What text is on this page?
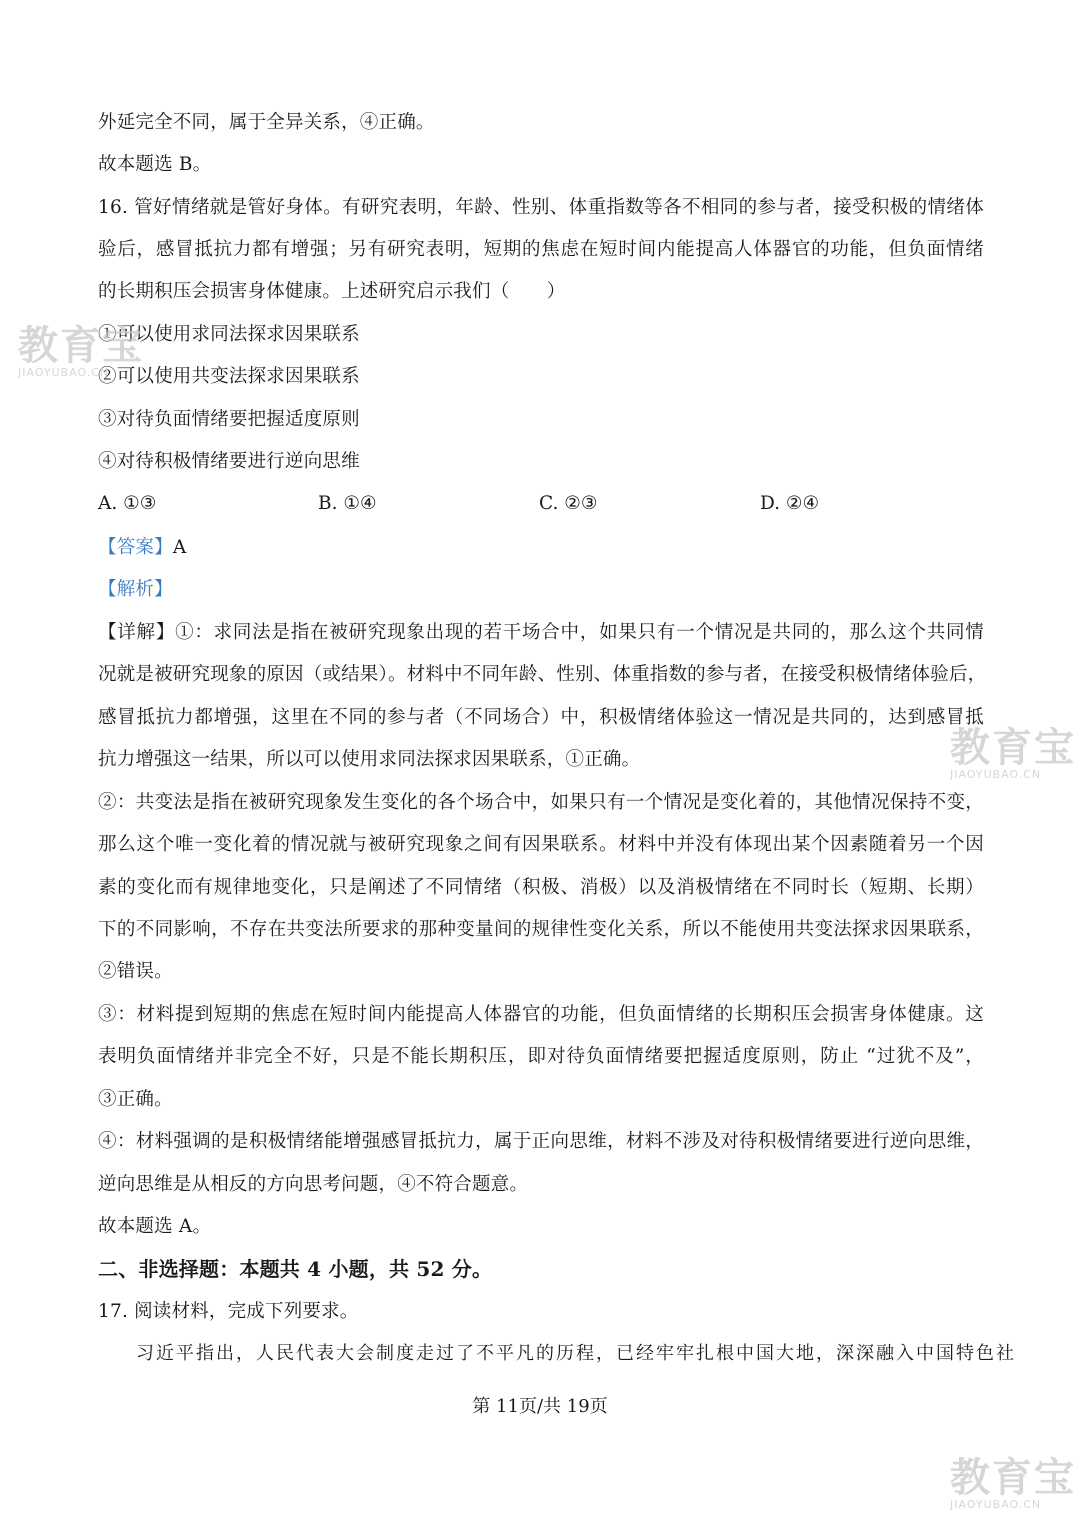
外延完全不同，属于全异关系，④正确。
故本题选 B。
16. 管好情绪就是管好身体。有研究表明，年龄、性别、体重指数等各不相同的参与者，接受积极的情绪体
验后，感冒抵抗力都有增强；另有研究表明，短期的焦虑在短时间内能提高人体器官的功能，但负面情绪
的长期积压会损害身体健康。上述研究启示我们（　　）
①可以使用求同法探求因果联系
②可以使用共变法探求因果联系
③对待负面情绪要把握适度原则
④对待积极情绪要进行逆向思维
A. ①③	B. ①④	C. ②③	D. ②④
【答案】A
【解析】
【详解】①：求同法是指在被研究现象出现的若干场合中，如果只有一个情况是共同的，那么这个共同情
况就是被研究现象的原因（或结果）。材料中不同年龄、性别、体重指数的参与者，在接受积极情绪体验后，
感冒抵抗力都增强，这里在不同的参与者（不同场合）中，积极情绪体验这一情况是共同的，达到感冒抵
抗力增强这一结果，所以可以使用求同法探求因果联系，①正确。
②：共变法是指在被研究现象发生变化的各个场合中，如果只有一个情况是变化着的，其他情况保持不变，
那么这个唯一变化着的情况就与被研究现象之间有因果联系。材料中并没有体现出某个因素随着另一个因
素的变化而有规律地变化，只是阐述了不同情绪（积极、消极）以及消极情绪在不同时长（短期、长期）
下的不同影响，不存在共变法所要求的那种变量间的规律性变化关系，所以不能使用共变法探求因果联系，
②错误。
③：材料提到短期的焦虑在短时间内能提高人体器官的功能，但负面情绪的长期积压会损害身体健康。这
表明负面情绪并非完全不好，只是不能长期积压，即对待负面情绪要把握适度原则，防止 “过犹不及”，
③正确。
④：材料强调的是积极情绪能增强感冒抵抗力，属于正向思维，材料不涉及对待积极情绪要进行逆向思维，
逆向思维是从相反的方向思考问题，④不符合题意。
故本题选 A。
二、非选择题：本题共 4 小题，共 52 分。
17. 阅读材料，完成下列要求。
习近平指出，人民代表大会制度走过了不平凡的历程，已经牢牢扎根中国大地，深深融入中国特色社
第 11页/共 19页
教育宝
JIAOYUBAO.CN
教育宝
JIAOYUBAO.CN
教育宝
JIAOYUBAO.CN
